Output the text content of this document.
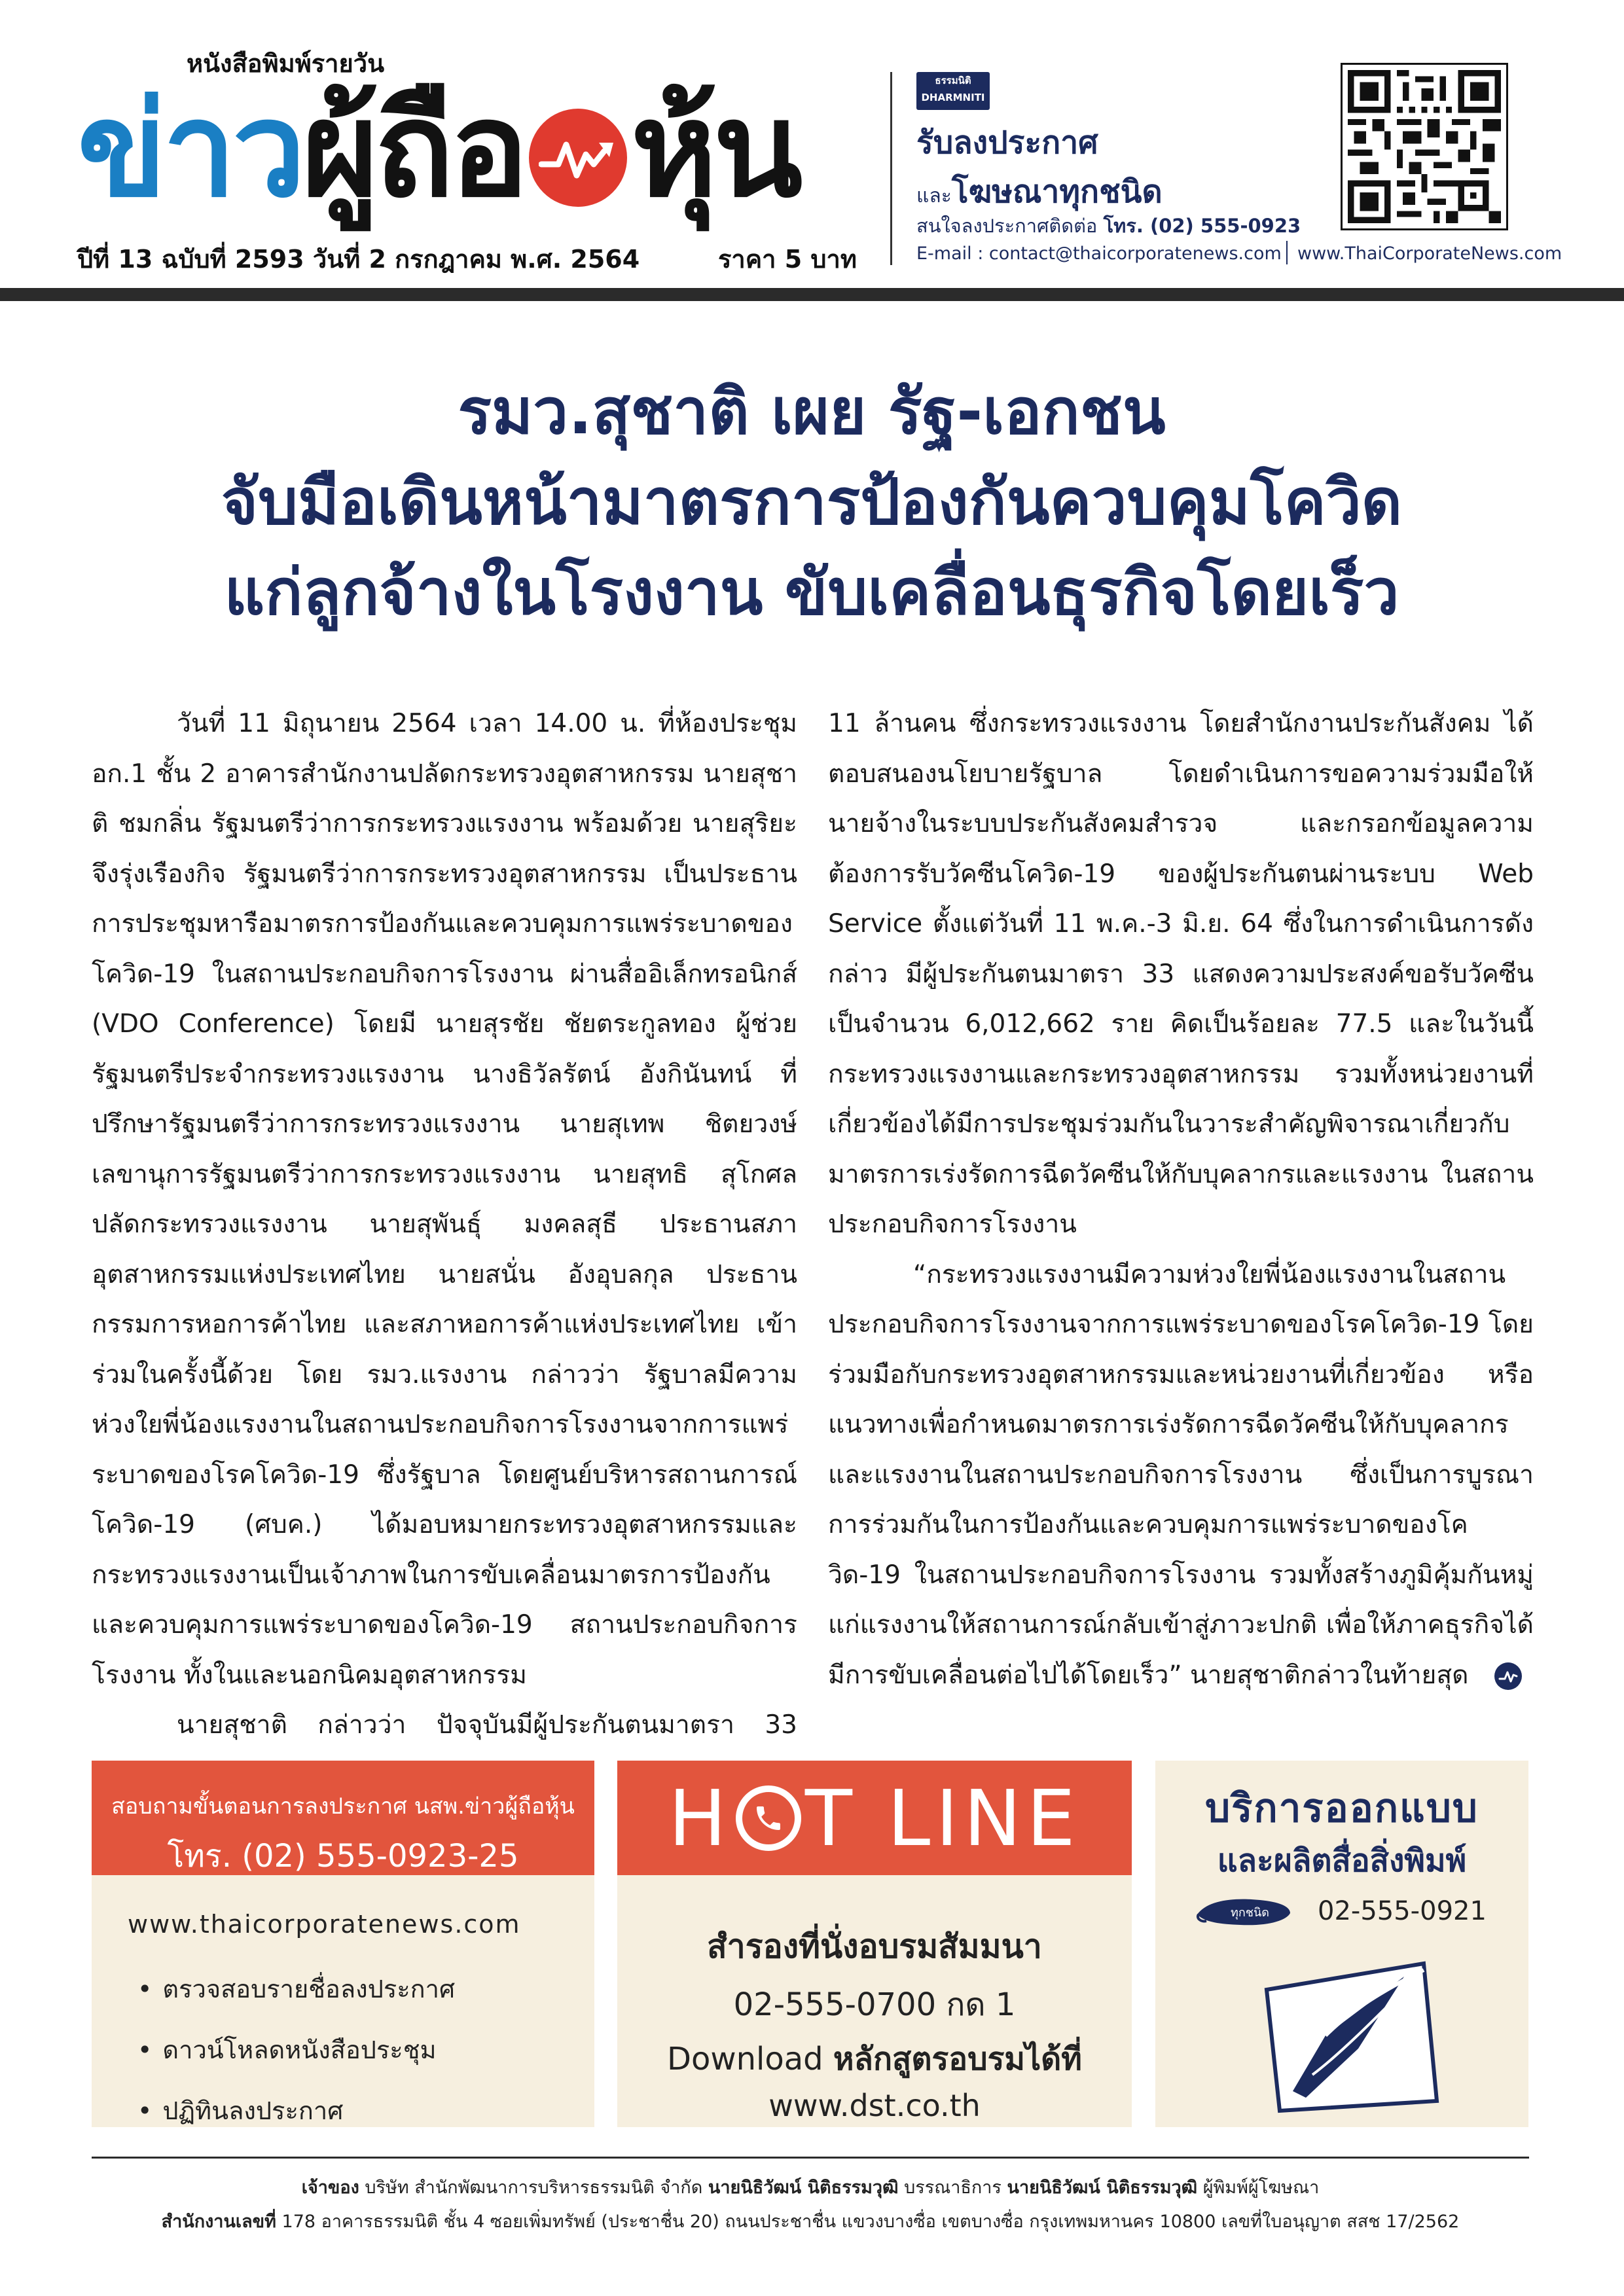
หนังสือพิมพ์รายวัน
ข่าว ผู้ถือ หุ้น
ปีที่ 13 ฉบับที่ 2593 วันที่ 2 กรกฎาคม พ.ศ. 2564	ราคา 5 บาท
ธรรมนิติ
DHARMNITI
รับลงประกาศ
และโฆษณาทุกชนิด
สนใจลงประกาศติดต่อ โทร. (02) 555-0923
E-mail : contact@thaicorporatenews.com www.ThaiCorporateNews.com
รมว.สุชาติ เผย รัฐ-เอกชน
จับมือเดินหน้ามาตรการป้องกันควบคุมโควิด
แก่ลูกจ้างในโรงงาน ขับเคลื่อนธุรกิจโดยเร็ว

วันที่ 11 มิถุนายน 2564 เวลา 14.00 น. ที่ห้องประชุม อก.1 ชั้น 2 อาคารสำนักงานปลัดกระทรวงอุตสาหกรรม นายสุชาติ ชมกลิ่น รัฐมนตรีว่าการกระทรวงแรงงาน พร้อมด้วย นายสุริยะ จึงรุ่งเรืองกิจ รัฐมนตรีว่าการกระทรวงอุตสาหกรรม เป็นประธานการประชุมหารือมาตรการป้องกันและควบคุมการแพร่ระบาดของโควิด-19 ในสถานประกอบกิจการโรงงาน ผ่านสื่ออิเล็กทรอนิกส์ (VDO Conference) โดยมี นายสุรชัย ชัยตระกูลทอง ผู้ช่วยรัฐมนตรีประจำกระทรวงแรงงาน นางธิวัลรัตน์ อังกินันทน์ ที่ปรึกษารัฐมนตรีว่าการกระทรวงแรงงาน นายสุเทพ ชิตยวงษ์ เลขานุการรัฐมนตรีว่าการกระทรวงแรงงาน นายสุทธิ สุโกศล ปลัดกระทรวงแรงงาน นายสุพันธุ์ มงคลสุธี ประธานสภาอุตสาหกรรมแห่งประเทศไทย นายสนั่น อังอุบลกุล ประธานกรรมการหอการค้าไทย และสภาหอการค้าแห่งประเทศไทย เข้าร่วมในครั้งนี้ด้วย โดย รมว.แรงงาน กล่าวว่า รัฐบาลมีความห่วงใยพี่น้องแรงงานในสถานประกอบกิจการโรงงานจากการแพร่ระบาดของโรคโควิด-19 ซึ่งรัฐบาล โดยศูนย์บริหารสถานการณ์โควิด-19 (ศบค.) ได้มอบหมายกระทรวงอุตสาหกรรมและกระทรวงแรงงานเป็นเจ้าภาพในการขับเคลื่อนมาตรการป้องกันและควบคุมการแพร่ระบาดของโควิด-19 สถานประกอบกิจการโรงงาน ทั้งในและนอกนิคมอุตสาหกรรม

นายสุชาติ กล่าวว่า ปัจจุบันมีผู้ประกันตนมาตรา 33

11 ล้านคน ซึ่งกระทรวงแรงงาน โดยสำนักงานประกันสังคม ได้ตอบสนองนโยบายรัฐบาล โดยดำเนินการขอความร่วมมือให้นายจ้างในระบบประกันสังคมสำรวจ และกรอกข้อมูลความต้องการรับวัคซีนโควิด-19 ของผู้ประกันตนผ่านระบบ Web Service ตั้งแต่วันที่ 11 พ.ค.-3 มิ.ย. 64 ซึ่งในการดำเนินการดังกล่าว มีผู้ประกันตนมาตรา 33 แสดงความประสงค์ขอรับวัคซีน เป็นจำนวน 6,012,662 ราย คิดเป็นร้อยละ 77.5 และในวันนี้กระทรวงแรงงานและกระทรวงอุตสาหกรรม รวมทั้งหน่วยงานที่เกี่ยวข้องได้มีการประชุมร่วมกันในวาระสำคัญพิจารณาเกี่ยวกับมาตรการเร่งรัดการฉีดวัคซีนให้กับบุคลากรและแรงงาน ในสถานประกอบกิจการโรงงาน

“กระทรวงแรงงานมีความห่วงใยพี่น้องแรงงานในสถานประกอบกิจการโรงงานจากการแพร่ระบาดของโรคโควิด-19 โดยร่วมมือกับกระทรวงอุตสาหกรรมและหน่วยงานที่เกี่ยวข้อง หรือแนวทางเพื่อกำหนดมาตรการเร่งรัดการฉีดวัคซีนให้กับบุคลากรและแรงงานในสถานประกอบกิจการโรงงาน ซึ่งเป็นการบูรณาการร่วมกันในการป้องกันและควบคุมการแพร่ระบาดของโควิด-19 ในสถานประกอบกิจการโรงงาน รวมทั้งสร้างภูมิคุ้มกันหมู่แก่แรงงานให้สถานการณ์กลับเข้าสู่ภาวะปกติ เพื่อให้ภาคธุรกิจได้มีการขับเคลื่อนต่อไปได้โดยเร็ว” นายสุชาติกล่าวในท้ายสุด

สอบถามขั้นตอนการลงประกาศ นสพ.ข่าวผู้ถือหุ้น
โทร. (02) 555-0923-25
www.thaicorporatenews.com
• ตรวจสอบรายชื่อลงประกาศ
• ดาวน์โหลดหนังสือประชุม
• ปฏิทินลงประกาศ
H T LINE
สำรองที่นั่งอบรมสัมมนา
02-555-0700 กด 1
Download หลักสูตรอบรมได้ที่
www.dst.co.th
บริการออกแบบ
และผลิตสื่อสิ่งพิมพ์
ทุกชนิด 02-555-0921
เจ้าของ บริษัท สำนักพัฒนาการบริหารธรรมนิติ จำกัด นายนิธิวัฒน์ นิติธรรมวุฒิ บรรณาธิการ นายนิธิวัฒน์ นิติธรรมวุฒิ ผู้พิมพ์ผู้โฆษณา
สำนักงานเลขที่ 178 อาคารธรรมนิติ ชั้น 4 ซอยเพิ่มทรัพย์ (ประชาชื่น 20) ถนนประชาชื่น แขวงบางซื่อ เขตบางซื่อ กรุงเทพมหานคร 10800 เลขที่ใบอนุญาต สสช 17/2562
